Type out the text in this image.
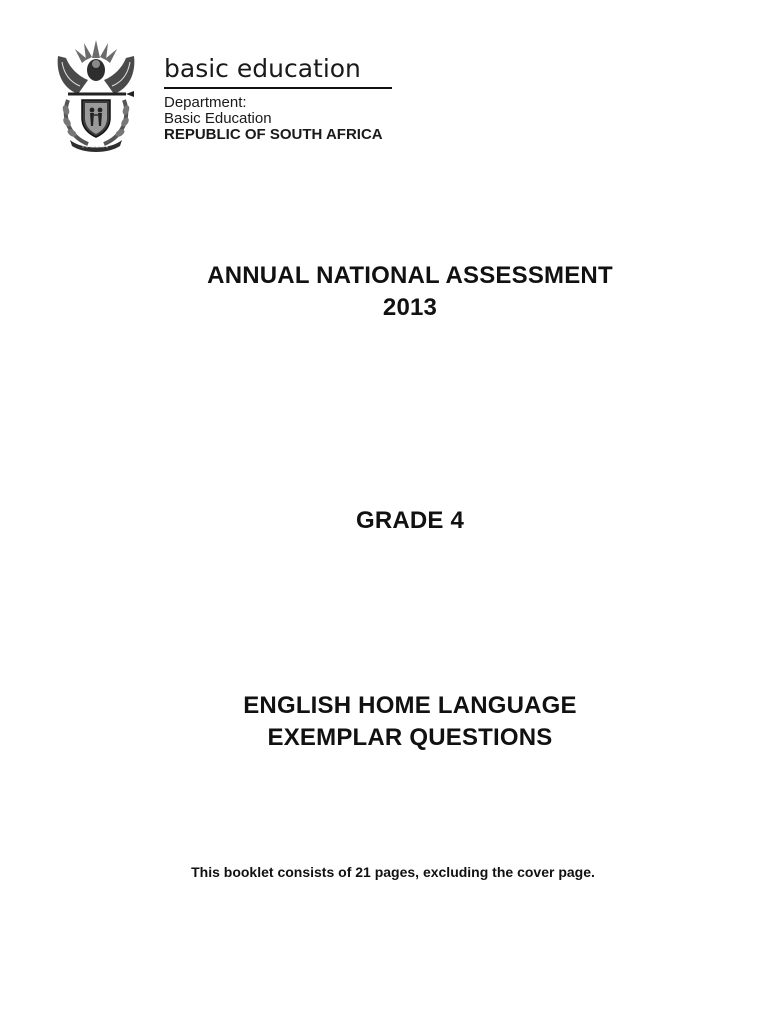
basic education
Department:
Basic Education
REPUBLIC OF SOUTH AFRICA
ANNUAL NATIONAL ASSESSMENT
2013
GRADE 4
ENGLISH HOME LANGUAGE
EXEMPLAR QUESTIONS
This booklet consists of 21 pages, excluding the cover page.
